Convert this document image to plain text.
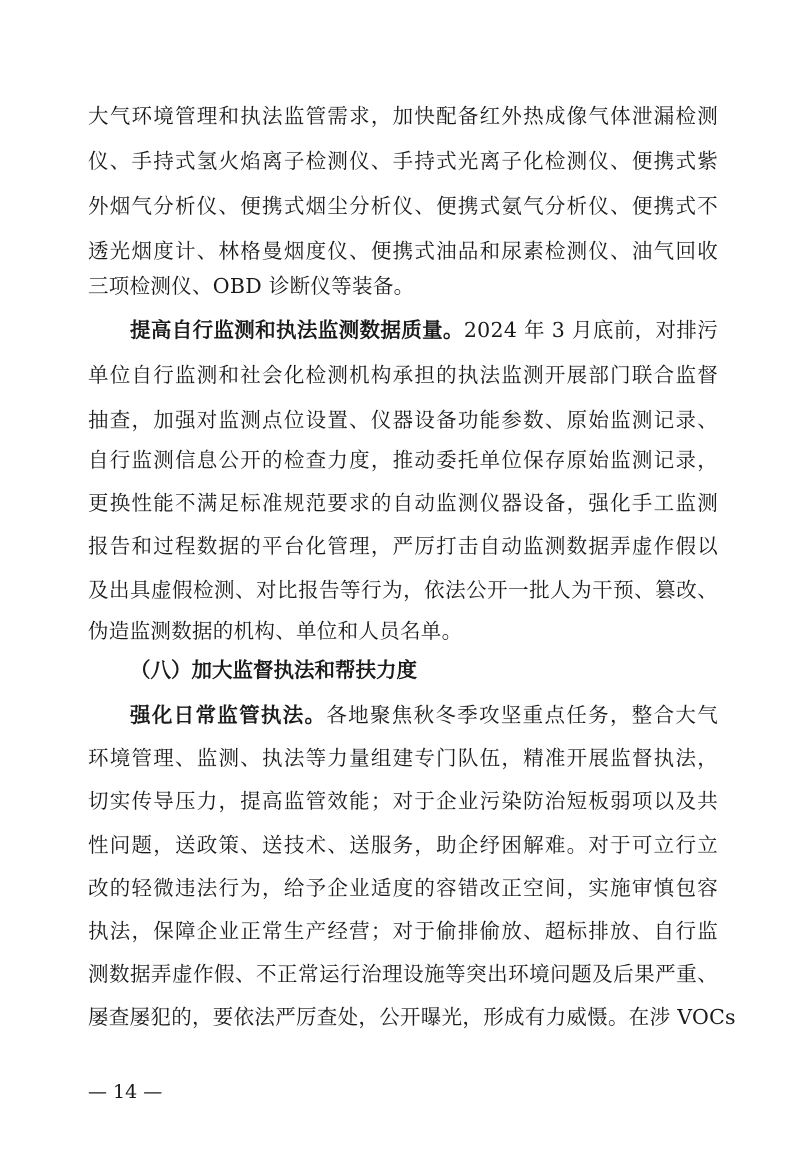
大气环境管理和执法监管需求，加快配备红外热成像气体泄漏检测
仪、手持式氢火焰离子检测仪、手持式光离子化检测仪、便携式紫
外烟气分析仪、便携式烟尘分析仪、便携式氨气分析仪、便携式不
透光烟度计、林格曼烟度仪、便携式油品和尿素检测仪、油气回收
三项检测仪、OBD 诊断仪等装备。
提高自行监测和执法监测数据质量。2024 年 3 月底前，对排污
单位自行监测和社会化检测机构承担的执法监测开展部门联合监督
抽查，加强对监测点位设置、仪器设备功能参数、原始监测记录、
自行监测信息公开的检查力度，推动委托单位保存原始监测记录，
更换性能不满足标准规范要求的自动监测仪器设备，强化手工监测
报告和过程数据的平台化管理，严厉打击自动监测数据弄虚作假以
及出具虚假检测、对比报告等行为，依法公开一批人为干预、篡改、
伪造监测数据的机构、单位和人员名单。
（八）加大监督执法和帮扶力度
强化日常监管执法。各地聚焦秋冬季攻坚重点任务，整合大气
环境管理、监测、执法等力量组建专门队伍，精准开展监督执法，
切实传导压力，提高监管效能；对于企业污染防治短板弱项以及共
性问题，送政策、送技术、送服务，助企纾困解难。对于可立行立
改的轻微违法行为，给予企业适度的容错改正空间，实施审慎包容
执法，保障企业正常生产经营；对于偷排偷放、超标排放、自行监
测数据弄虚作假、不正常运行治理设施等突出环境问题及后果严重、
屡查屡犯的，要依法严厉查处，公开曝光，形成有力威慑。在涉 VOCs
— 14 —
